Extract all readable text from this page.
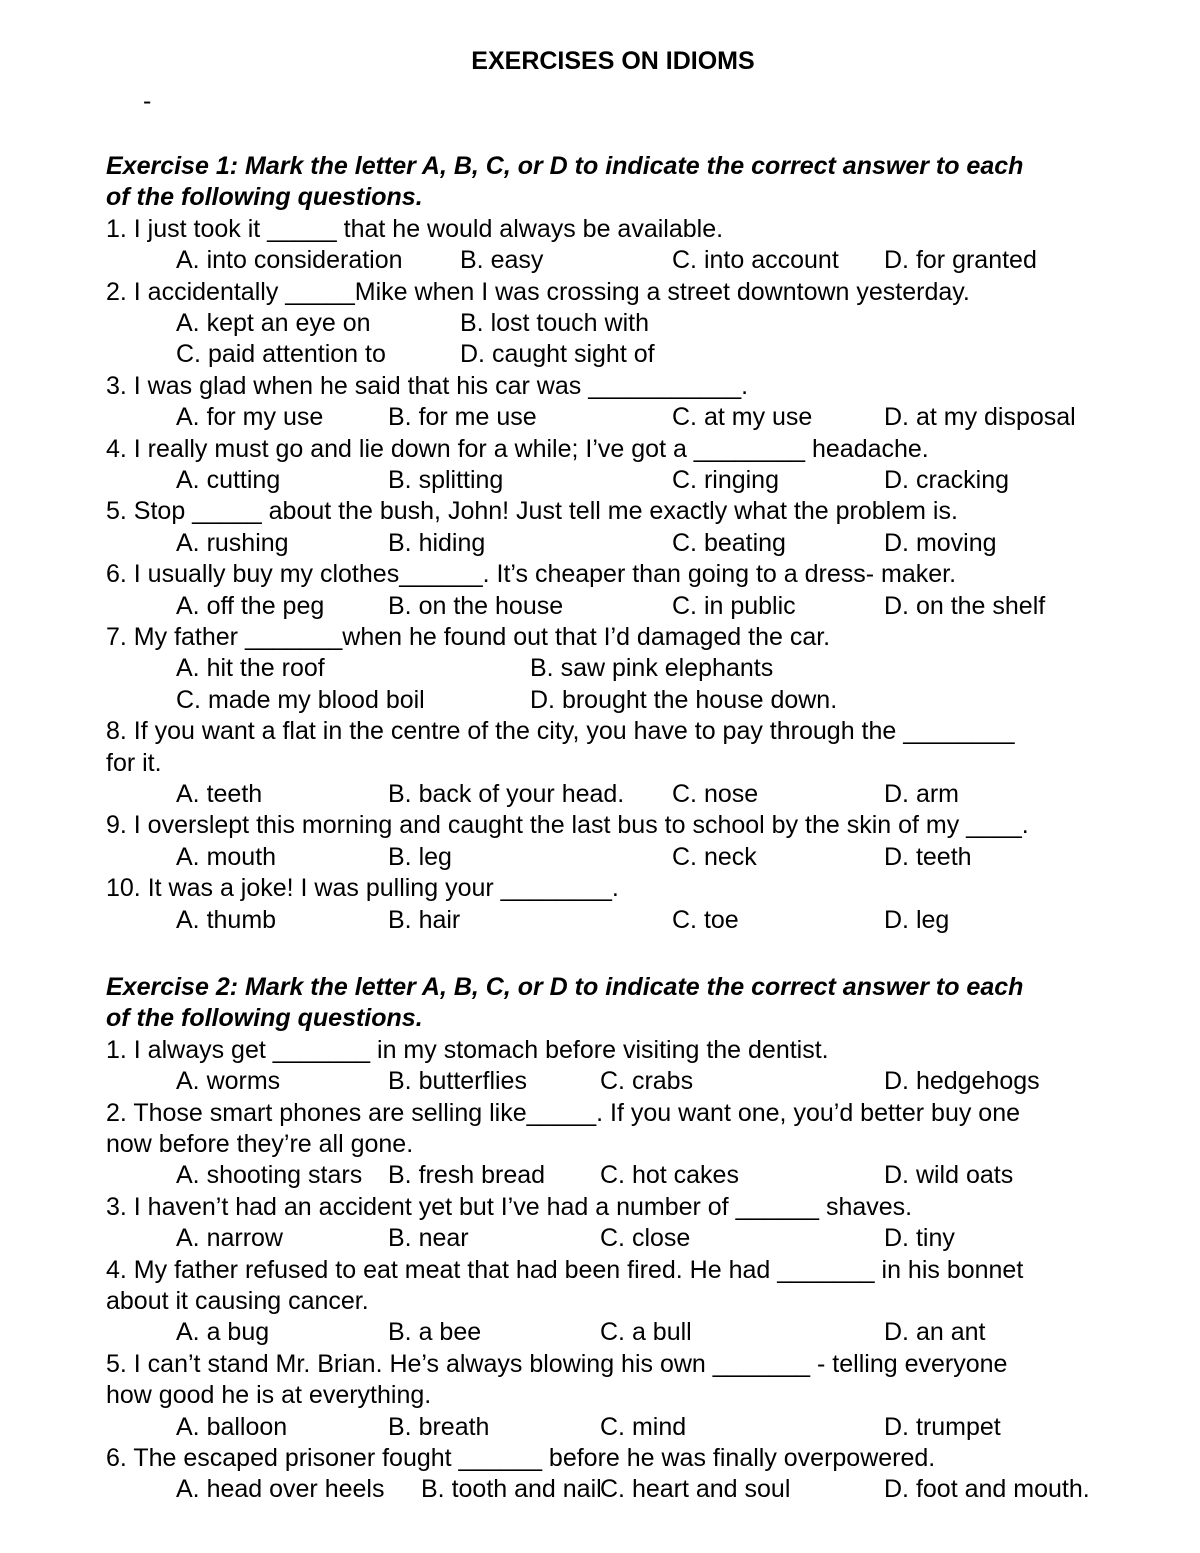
EXERCISES ON IDIOMS
-
Exercise 1: Mark the letter A, B, C, or D to indicate the correct answer to each
of the following questions.
1. I just took it _____ that he would always be available.
A. into consideration B. easy	C. into account D. for granted
2. I accidentally _____Mike when I was crossing a street downtown yesterday.
A. kept an eye on	B. lost touch with
C. paid attention to	D. caught sight of
3. I was glad when he said that his car was ___________.
A. for my use	B. for me use	C. at my use	D. at my disposal
4. I really must go and lie down for a while; I’ve got a ________ headache.
A. cutting	B. splitting	C. ringing	D. cracking
5. Stop _____ about the bush, John! Just tell me exactly what the problem is.
A. rushing	B. hiding	C. beating	D. moving
6. I usually buy my clothes______. It’s cheaper than going to a dress- maker.
A. off the peg	B. on the house	C. in public	D. on the shelf
7. My father _______when he found out that I’d damaged the car.
A. hit the roof	B. saw pink elephants
C. made my blood boil	D. brought the house down.
8. If you want a flat in the centre of the city, you have to pay through the ________
for it.
A. teeth	B. back of your head. C. nose	D. arm
9. I overslept this morning and caught the last bus to school by the skin of my ____.
A. mouth	B. leg	C. neck	D. teeth
10. It was a joke! I was pulling your ________.
A. thumb	B. hair	C. toe	D. leg
Exercise 2: Mark the letter A, B, C, or D to indicate the correct answer to each
of the following questions.
1. I always get _______ in my stomach before visiting the dentist.
A. worms	B. butterflies	C. crabs	D. hedgehogs
2. Those smart phones are selling like_____. If you want one, you’d better buy one
now before they’re all gone.
A. shooting stars B. fresh bread C. hot cakes	D. wild oats
3. I haven’t had an accident yet but I’ve had a number of ______ shaves.
A. narrow	B. near	C. close	D. tiny
4. My father refused to eat meat that had been fired. He had _______ in his bonnet
about it causing cancer.
A. a bug	B. a bee	C. a bull	D. an ant
5. I can’t stand Mr. Brian. He’s always blowing his own _______ - telling everyone
how good he is at everything.
A. balloon	B. breath	C. mind	D. trumpet
6. The escaped prisoner fought ______ before he was finally overpowered.
A. head over heels B. tooth and nail
C. heart and soul	D. foot and mouth.
